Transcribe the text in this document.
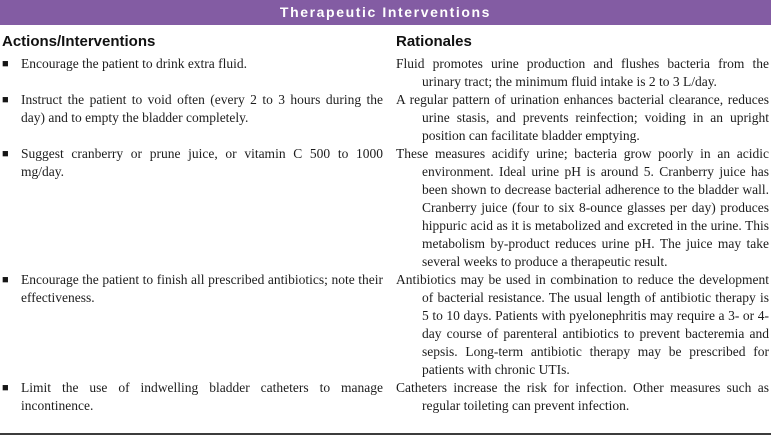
Therapeutic Interventions
Actions/Interventions	Rationales
■ Encourage the patient to drink extra fluid.	Fluid promotes urine production and flushes bacteria from the urinary tract; the minimum fluid intake is 2 to 3 L/day.
■ Instruct the patient to void often (every 2 to 3 hours during the day) and to empty the bladder completely.
A regular pattern of urination enhances bacterial clearance, reduces urine stasis, and prevents reinfection; voiding in an upright position can facilitate bladder emptying.
■ Suggest cranberry or prune juice, or vitamin C 500 to 1000 mg/day.
These measures acidify urine; bacteria grow poorly in an acidic environment. Ideal urine pH is around 5. Cranberry juice has been shown to decrease bacterial adherence to the bladder wall. Cranberry juice (four to six 8-ounce glasses per day) produces hippuric acid as it is metabolized and excreted in the urine. This metabolism by-product reduces urine pH. The juice may take several weeks to produce a therapeutic result.
■ Encourage the patient to finish all prescribed antibiotics; note their effectiveness.
Antibiotics may be used in combination to reduce the development of bacterial resistance. The usual length of antibiotic therapy is 5 to 10 days. Patients with pyelonephritis may require a 3- or 4-day course of parenteral antibiotics to prevent bacteremia and sepsis. Long-term antibiotic therapy may be prescribed for patients with chronic UTIs.
■ Limit the use of indwelling bladder catheters to manage incontinence.
Catheters increase the risk for infection. Other measures such as regular toileting can prevent infection.
